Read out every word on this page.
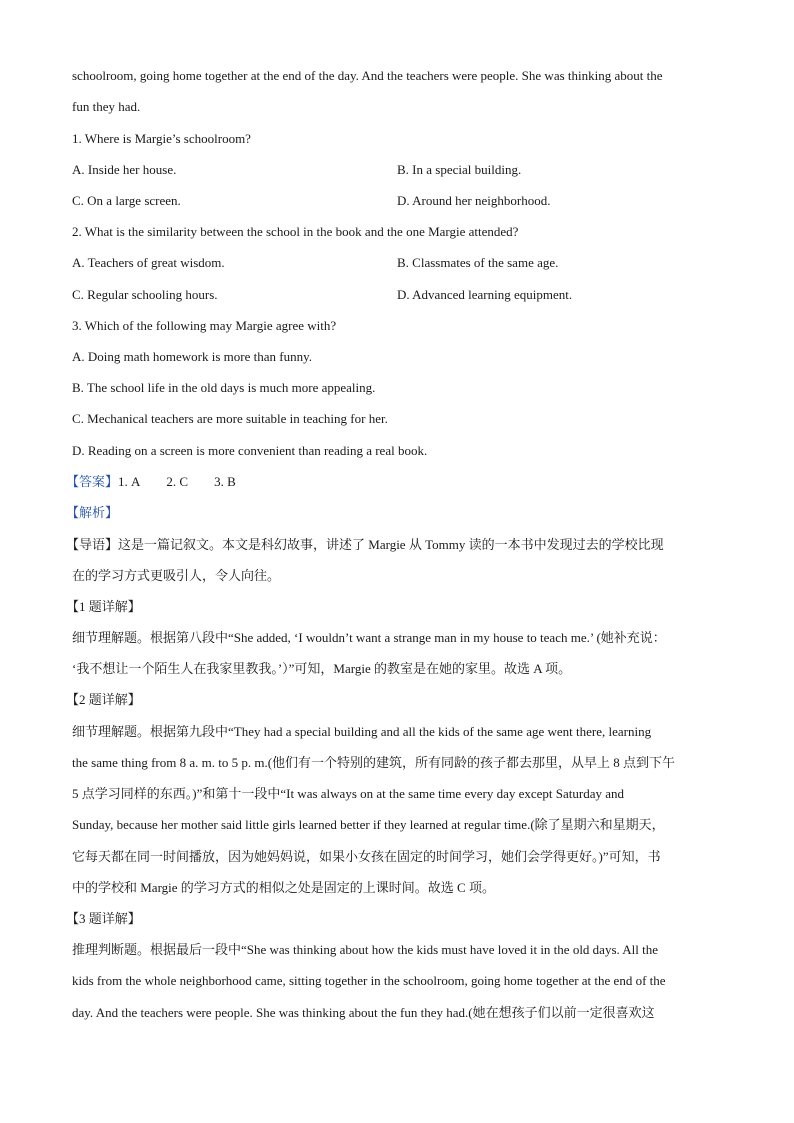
schoolroom, going home together at the end of the day. And the teachers were people. She was thinking about the
fun they had.
1. Where is Margie’s schoolroom?
A. Inside her house.	B. In a special building.
C. On a large screen.	D. Around her neighborhood.
2. What is the similarity between the school in the book and the one Margie attended?
A. Teachers of great wisdom.	B. Classmates of the same age.
C. Regular schooling hours.	D. Advanced learning equipment.
3. Which of the following may Margie agree with?
A. Doing math homework is more than funny.
B. The school life in the old days is much more appealing.
C. Mechanical teachers are more suitable in teaching for her.
D. Reading on a screen is more convenient than reading a real book.
【答案】1. A 2. C 3. B
【解析】
【导语】这是一篇记叙文。本文是科幻故事，讲述了 Margie 从 Tommy 读的一本书中发现过去的学校比现
在的学习方式更吸引人，令人向往。
【1 题详解】
细节理解题。根据第八段中“She added, ‘I wouldn’t want a strange man in my house to teach me.’ (她补充说：
‘我不想让一个陌生人在我家里教我。’）”可知，Margie 的教室是在她的家里。故选 A 项。
【2 题详解】
细节理解题。根据第九段中“They had a special building and all the kids of the same age went there, learning
the same thing from 8 a. m. to 5 p. m.(他们有一个特别的建筑，所有同龄的孩子都去那里，从早上 8 点到下午
5 点学习同样的东西。)”和第十一段中“It was always on at the same time every day except Saturday and
Sunday, because her mother said little girls learned better if they learned at regular time.(除了星期六和星期天，
它每天都在同一时间播放，因为她妈妈说，如果小女孩在固定的时间学习，她们会学得更好。)”可知，书
中的学校和 Margie 的学习方式的相似之处是固定的上课时间。故选 C 项。
【3 题详解】
推理判断题。根据最后一段中“She was thinking about how the kids must have loved it in the old days. All the
kids from the whole neighborhood came, sitting together in the schoolroom, going home together at the end of the
day. And the teachers were people. She was thinking about the fun they had.(她在想孩子们以前一定很喜欢这
